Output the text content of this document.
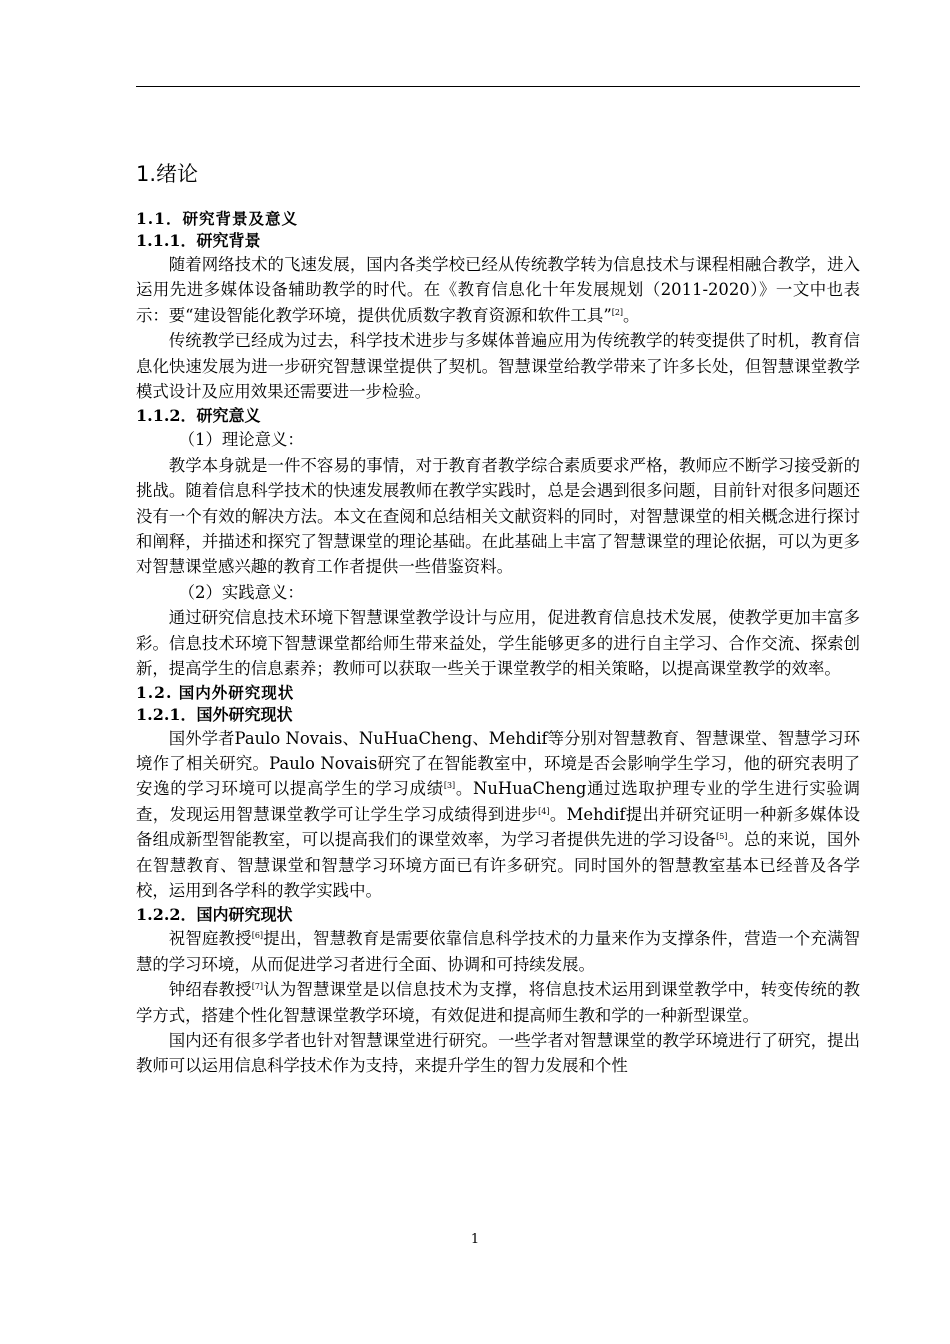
1.绪论
1.1．研究背景及意义
1.1.1．研究背景

随着网络技术的飞速发展，国内各类学校已经从传统教学转为信息技术与课程相融合教学，进入运用先进多媒体设备辅助教学的时代。在《教育信息化十年发展规划（2011-2020）》一文中也表示：要“建设智能化教学环境，提供优质数字教育资源和软件工具”[2]。

传统教学已经成为过去，科学技术进步与多媒体普遍应用为传统教学的转变提供了时机，教育信息化快速发展为进一步研究智慧课堂提供了契机。智慧课堂给教学带来了许多长处，但智慧课堂教学模式设计及应用效果还需要进一步检验。

1.1.2．研究意义

（1）理论意义：

教学本身就是一件不容易的事情，对于教育者教学综合素质要求严格，教师应不断学习接受新的挑战。随着信息科学技术的快速发展教师在教学实践时，总是会遇到很多问题，目前针对很多问题还没有一个有效的解决方法。本文在查阅和总结相关文献资料的同时，对智慧课堂的相关概念进行探讨和阐释，并描述和探究了智慧课堂的理论基础。在此基础上丰富了智慧课堂的理论依据，可以为更多对智慧课堂感兴趣的教育工作者提供一些借鉴资料。

（2）实践意义：

通过研究信息技术环境下智慧课堂教学设计与应用，促进教育信息技术发展，使教学更加丰富多彩。信息技术环境下智慧课堂都给师生带来益处，学生能够更多的进行自主学习、合作交流、探索创新，提高学生的信息素养；教师可以获取一些关于课堂教学的相关策略，以提高课堂教学的效率。

1.2. 国内外研究现状
1.2.1．国外研究现状

国外学者Paulo Novais、NuHuaCheng、Mehdif等分别对智慧教育、智慧课堂、智慧学习环境作了相关研究。Paulo Novais研究了在智能教室中，环境是否会影响学生学习，他的研究表明了安逸的学习环境可以提高学生的学习成绩[3]。NuHuaCheng通过选取护理专业的学生进行实验调查，发现运用智慧课堂教学可让学生学习成绩得到进步[4]。Mehdif提出并研究证明一种新多媒体设备组成新型智能教室，可以提高我们的课堂效率，为学习者提供先进的学习设备[5]。总的来说，国外在智慧教育、智慧课堂和智慧学习环境方面已有许多研究。同时国外的智慧教室基本已经普及各学校，运用到各学科的教学实践中。

1.2.2．国内研究现状

祝智庭教授[6]提出，智慧教育是需要依靠信息科学技术的力量来作为支撑条件，营造一个充满智慧的学习环境，从而促进学习者进行全面、协调和可持续发展。

钟绍春教授[7]认为智慧课堂是以信息技术为支撑，将信息技术运用到课堂教学中，转变传统的教学方式，搭建个性化智慧课堂教学环境，有效促进和提高师生教和学的一种新型课堂。

国内还有很多学者也针对智慧课堂进行研究。一些学者对智慧课堂的教学环境进行了研究，提出教师可以运用信息科学技术作为支持，来提升学生的智力发展和个性

1
